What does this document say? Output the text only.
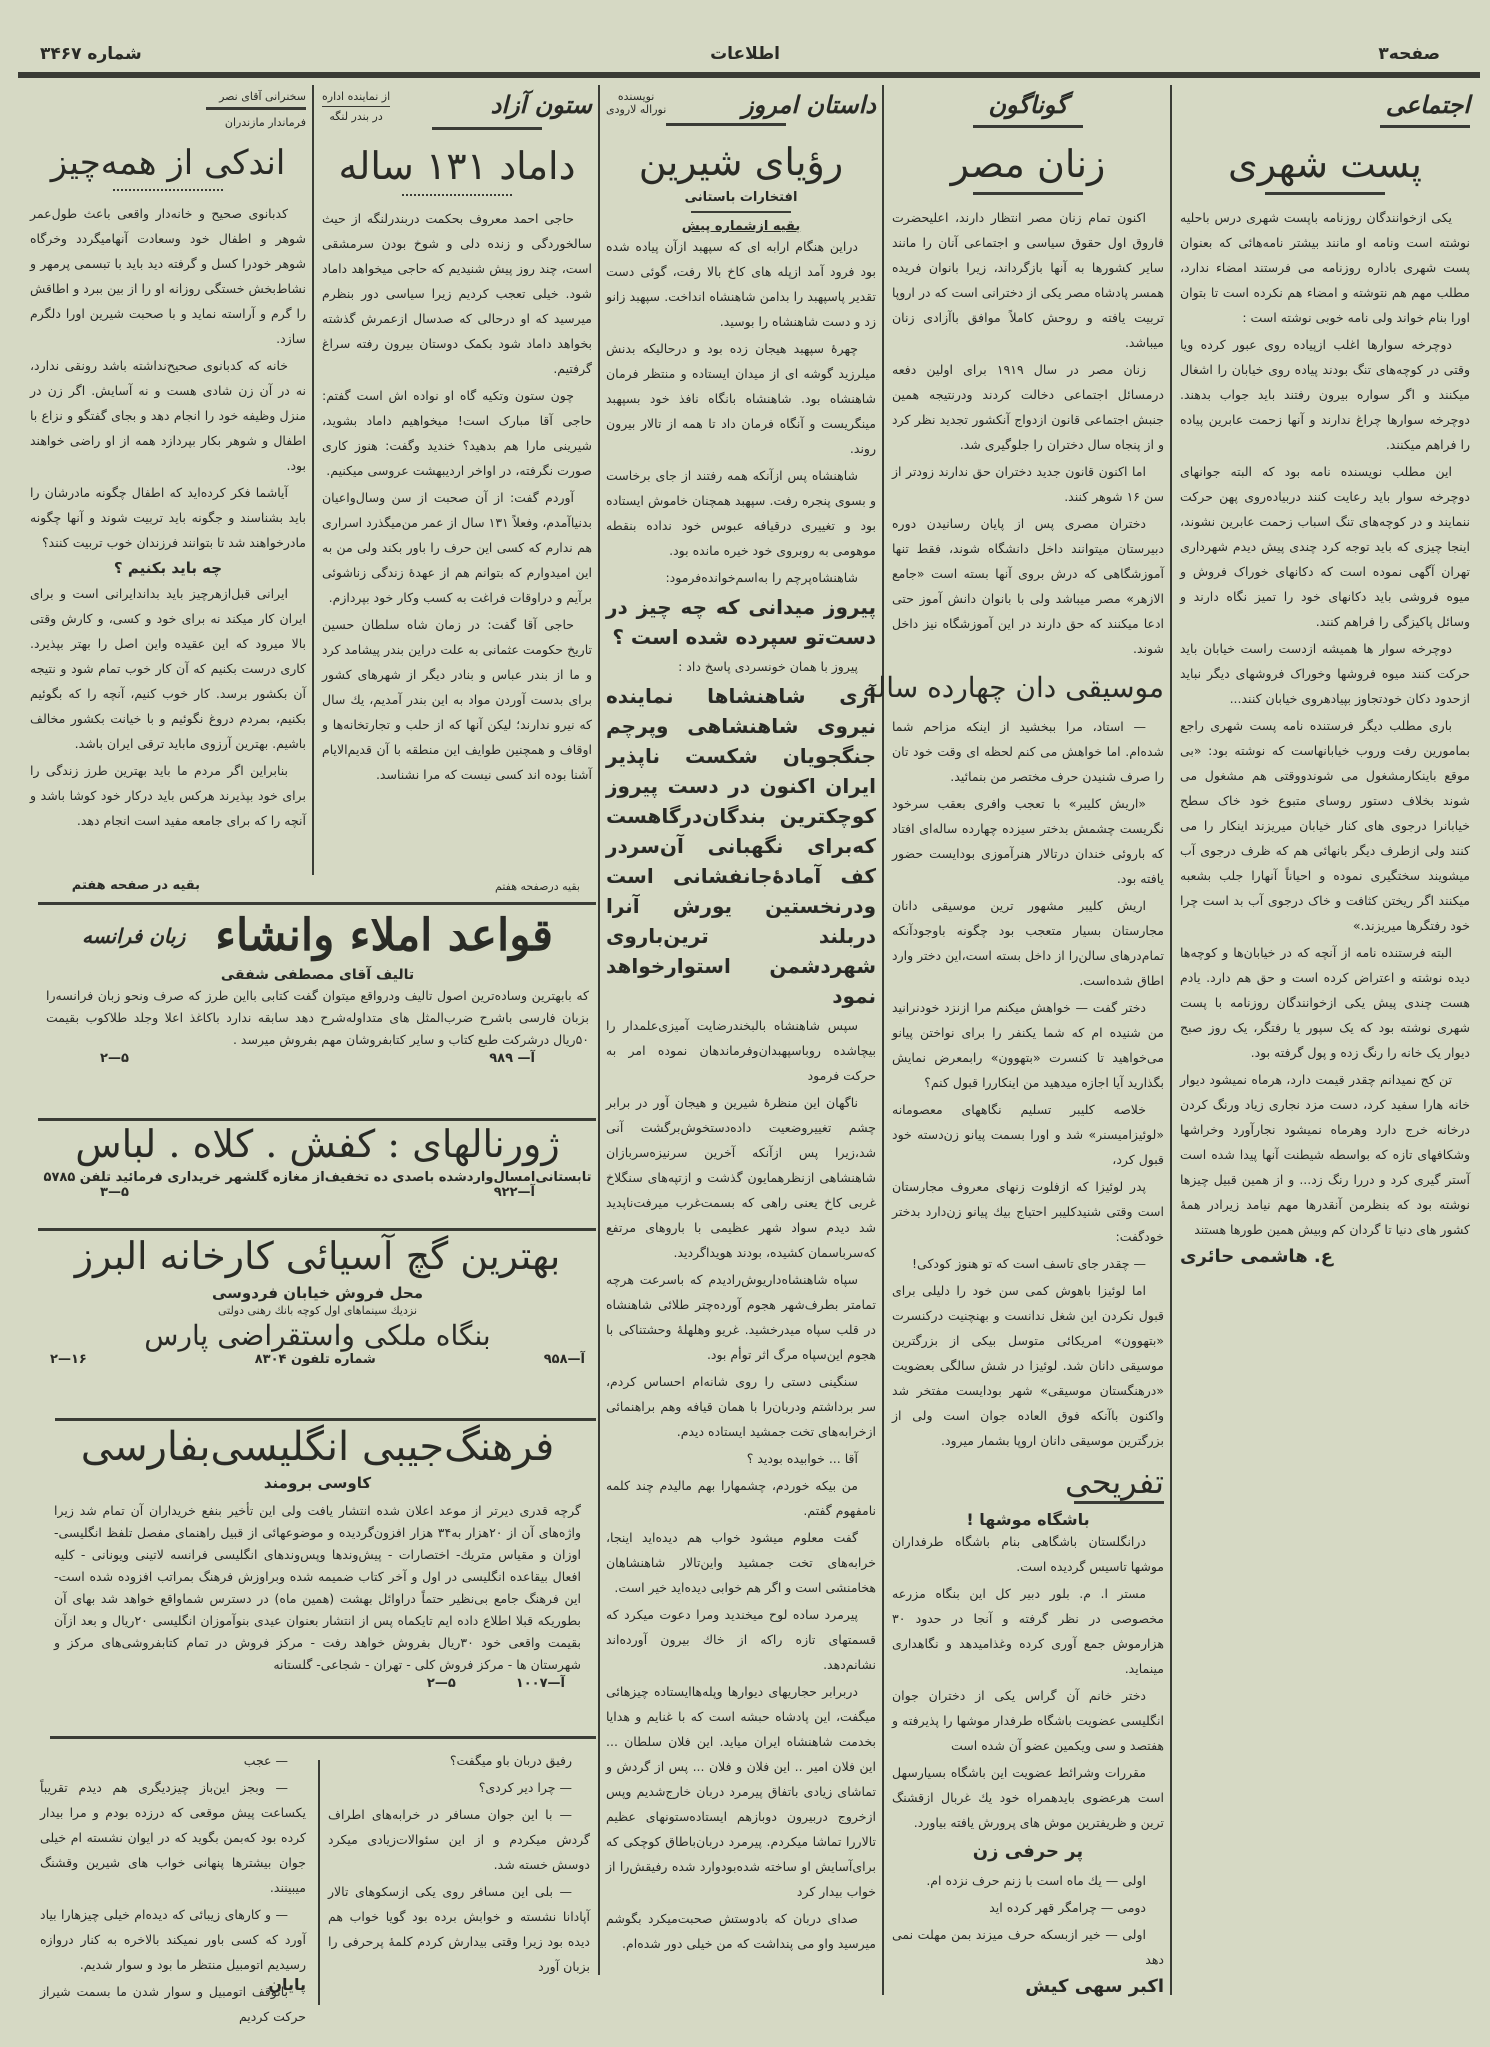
صفحه۳
اطلاعات
شماره ۳۴۶۷
اجتماعی
پست شهری

یکی ازخوانندگان روزنامه باپست شهری درس باحلیه نوشته است ونامه او مانند بیشتر نامه‌هائی که بعنوان پست شهری باداره روزنامه می فرستند امضاء ندارد، مطلب مهم هم نتوشته و امضاء هم نکرده است تا بتوان اورا بنام خواند ولی نامه خوبی نوشته است :

دوچرخه سوارها اغلب ازپیاده روی عبور کرده ویا وقتی در کوچه‌های تنگ بودند پیاده روی خیابان را اشغال میکنند و اگر سواره بیرون رفتند باید جواب بدهند. دوچرخه سوارها چراغ ندارند و آنها زحمت عابرین پیاده را فراهم میکنند.

این مطلب نویسنده نامه بود که البته جوانهای دوچرخه سوار باید رعایت کنند دربیاده‌روی پهن حرکت ننمایند و در کوچه‌های تنگ اسباب زحمت عابرین نشوند، اینجا چیزی که باید توجه کرد چندی پیش دیدم شهرداری تهران آگهی نموده است که دکانهای خوراک فروش و میوه فروشی باید دکانهای خود را تمیز نگاه دارند و وسائل پاکیزگی را فراهم کنند.

دوچرخه سوار ها همیشه ازدست راست خیابان باید حرکت کنند میوه فروشها وخوراک فروشهای دیگر نباید ازحدود دکان خودتجاوز بپیادهروی خیابان کنند...

باری مطلب دیگر فرستنده نامه پست شهری راجع بمامورین رفت وروب خیابانهاست که نوشته بود: «بی موقع باینکارمشغول می شوندووقتی هم مشغول می شوند بخلاف دستور روسای متبوع خود خاک سطح خیابانرا درجوی های کنار خیابان میریزند اینکار را می کنند ولی ازطرف دیگر بانهائی هم که ظرف درجوی آب میشویند سختگیری نموده و احیاناً آنهارا جلب بشعبه میکنند اگر ریختن کثافت و خاک درجوی آب بد است چرا خود رفتگرها میریزند.»

البته فرستنده نامه از آنچه که در خیابان‌ها و کوچه‌ها دیده نوشته و اعتراض کرده است و حق هم دارد. یادم هست چندی پیش یکی ازخوانندگان روزنامه با پست شهری نوشته بود که یک سپور یا رفتگر، یک روز صبح دیوار یک خانه را رنگ زده و پول گرفته بود.

تن کج نمیدانم چقدر قیمت دارد، هرماه نمیشود دیوار خانه هارا سفید کرد، دست مزد نجاری زیاد ورنگ کردن درخانه خرج دارد وهرماه نمیشود نجارآورد وخراشها وشکافهای تازه که بواسطه شیطنت آنها پیدا شده است آستر گیری کرد و دررا رنگ زد... و از همین قبیل چیزها نوشته بود که بنظرمن آنقدرها مهم نیامد زیرادر همهٔ کشور های دنیا تا گردان کم وبیش همین طورها هستند

ع. هاشمی حائری
گوناگون
زنان مصر

اکنون تمام زنان مصر انتظار دارند، اعلیحضرت فاروق اول حقوق سیاسی و اجتماعی آنان را مانند سایر کشورها به آنها بازگرداند، زیرا بانوان فریده همسر پادشاه مصر یکی از دخترانی است که در اروپا تربیت یافته و روحش کاملاً موافق باآزادی زنان میباشد.

زنان مصر در سال ۱۹۱۹ برای اولین دفعه درمسائل اجتماعی دخالت کردند ودرنتیجه همین جنبش اجتماعی قانون ازدواج آنکشور تجدید نظر کرد و از پنجاه سال دختران را جلوگیری شد.

اما اکنون قانون جدید دختران حق ندارند زودتر از سن ۱۶ شوهر کنند.

دختران مصری پس از پایان رسانیدن دوره دبیرستان میتوانند داخل دانشگاه شوند، فقط تنها آموزشگاهی که درش بروی آنها بسته است «جامع الازهر» مصر میباشد ولی با بانوان دانش آموز حتی ادعا میکنند که حق دارند در این آموزشگاه نیز داخل شوند.

موسیقی دان چهارده ساله

— استاد، مرا ببخشید از اینکه مزاحم شما شده‌ام. اما خواهش می کنم لحظه ای وقت خود تان را صرف شنیدن حرف مختصر من بنمائید.

«اریش کلیبر» با تعجب وافری بعقب سرخود نگریست چشمش بدختر سیزده چهارده ساله‌ای افتاد که باروئی خندان درتالار هنرآموزی بودایست حضور یافته بود.

اریش کلیبر مشهور ترین موسیقی دانان مجارستان بسیار متعجب بود چگونه باوجودآنکه تمام‌درهای سالن‌را از داخل بسته است،این دختر وارد اطاق شده‌است.

دختر گفت — خواهش میکنم مرا ازنزد خودنرانید من شنیده ام که شما یکنفر را برای نواختن پیانو می‌خواهید تا کنسرت «بتهوون» رابمعرض نمایش بگذارید آیا اجازه میدهید من اینکاررا قبول کنم؟

خلاصه کلیبر تسلیم نگاههای معصومانه «لوئیزامیسنر» شد و اورا بسمت پیانو زن‌دسته خود قبول کرد،

پدر لوئیزا که ازفلوت زنهای معروف مجارستان است وقتی شنیدکلیبر احتیاج بیك پیانو زن‌دارد بدختر خودگفت:

— چقدر جای تاسف است که تو هنوز کودکی!

اما لوئیزا باهوش کمی سن خود را دلیلی برای قبول نکردن این شغل ندانست و بهنچنیت درکنسرت «بتهوون» امریکائی متوسل بیکی از بزرگترین موسیقی دانان شد. لوئیزا در شش سالگی بعضویت «درهنگستان موسیقی» شهر بودایست مفتخر شد واکنون باآنکه فوق العاده جوان است ولی از بزرگترین موسیقی دانان اروپا بشمار میرود.

تفریحی
باشگاه موشها !

درانگلستان باشگاهی بنام باشگاه طرفداران موشها تاسیس گردیده است.

مستر ا. م. بلور دبیر کل این بنگاه مزرعه مخصوصی در نظر گرفته و آنجا در حدود ۳۰ هزارموش جمع آوری کرده وغذامیدهد و نگاهداری مینماید.

دختر خانم آن گراس یکی از دختران جوان انگلیسی عضویت باشگاه طرفدار موشها را پذیرفته و هفتصد و سی ویکمین عضو آن شده است

مقررات وشرائط عضویت این باشگاه بسیارسهل است هرعضوی بایدهمراه خود یك غربال ازقشنگ ترین و ظریفترین موش های پرورش یافته بیاورد.

پر حرفی زن

اولی — یك ماه است با زنم حرف نزده ام.

دومی — چرامگر قهر کرده اید

اولی — خیر ازبسکه حرف میزند بمن مهلت نمی دهد

اکبر سهی کیش
داستان امروز
نویسنده
نوراله لارودی
رؤیای شیرین
افتخارات باستانی
بقیه ازشماره پیش

دراین هنگام ارابه ای که سپهبد ازآن پیاده شده بود فرود آمد ازپله های کاخ بالا رفت، گوئی دست تقدیر پاسپهبد را بدامن شاهنشاه انداخت. سپهبد زانو زد و دست شاهنشاه را بوسید.

چهرهٔ سپهبد هیجان زده بود و درحالیکه بدنش میلرزید گوشه ای از میدان ایستاده و منتظر فرمان شاهنشاه بود. شاهنشاه بانگاه نافذ خود بسپهبد مینگریست و آنگاه فرمان داد تا همه از تالار بیرون روند.

شاهنشاه پس ازآنکه همه رفتند از جای برخاست و بسوی پنجره رفت. سپهبد همچنان خاموش ایستاده بود و تغییری درقیافه عبوس خود نداده بنقطه موهومی به روبروی خود خیره مانده بود.

شاهنشاه‌پرچم را به‌اسم‌خوانده‌فرمود:

پیروز میدانی که چه چیز در دست‌تو سپرده شده است ؟

پیروز با همان خونسردی پاسخ داد :

آری شاهنشاها نماینده نیروی شاهنشاهی وپرچم جنگجویان شکست ناپذیر ایران اکنون در دست پیروز کوچکترین بندگان‌درگاهست که‌برای نگهبانی آن‌سردر کف آمادهٔ‌جانفشانی است ودرنخستین یورش آنرا دربلند ترین‌باروی شهردشمن استوارخواهد نمود

سپس شاهنشاه بالبخندرضایت آمیزی‌علمدار را بیچاشده روباسپهبدان‌وفرماندهان نموده امر به حرکت فرمود

ناگهان این منظرهٔ شیرین و هیجان آور در برابر چشم تغییروضعیت داده‌دستخوش‌برگشت آنی شد،زیرا پس ازآنکه آخرین سرنیزه‌سربازان شاهنشاهی ازنظرهمایون گذشت و ازتپه‌های سنگلاخ غربی کاخ یعنی راهی که بسمت‌غرب میرفت‌ناپدید شد دیدم سواد شهر عظیمی با باروهای مرتفع که‌سرباسمان کشیده، بودند هویداگردید.

سپاه شاهنشاه‌داریوش‌رادیدم که باسرعت هرچه تمامتر بطرف‌شهر هجوم آورده‌چتر طلائی شاهنشاه در قلب سپاه میدرخشید. غریو وهلهلهٔ وحشتناکی با هجوم این‌سپاه مرگ اثر توأم بود.

سنگینی دستی را روی شانه‌ام احساس کردم، سر برداشتم ودربان‌را با همان قیافه وهم براهنمائی ازخرابه‌های تخت جمشید ایستاده دیدم.

آقا ... خوابیده بودید ؟

من بیکه خوردم، چشمهارا بهم مالیدم چند کلمه نامفهوم گفتم.

گفت معلوم میشود خواب هم دیده‌اید اینجا، خرابه‌های تخت جمشید واین‌تالار شاهنشاهان هخامنشی است و اگر هم خوابی دیده‌اید خیر است.

پیرمرد ساده لوح میخندید ومرا دعوت میکرد که قسمتهای تازه راکه از خاك بیرون آورده‌اند نشانم‌دهد.

دربرابر حجاریهای دیوارها وپله‌هاایستاده چیزهائی میگفت، این پادشاه حبشه است که با غنایم و هدایا بخدمت شاهنشاه ایران میاید. این فلان سلطان ... این فلان امیر .. این فلان و فلان ... پس از گردش و تماشای زیادی باتفاق پیرمرد دربان خارج‌شدیم وپس ازخروج دربیرون دوبازهم ایستاده‌ستونهای عظیم تالاررا تماشا میکردم. پیرمرد دربان‌باطاق کوچکی که برای‌آسایش او ساخته شده‌بودوارد شده رفیقش‌را از خواب بیدار کرد

صدای دربان که بادوستش صحبت‌میکرد بگوشم میرسید واو می پنداشت که من خیلی دور شده‌ام.

ستون آزاد
از نماینده اداره
در بندر لنگه
داماد ۱۳۱ ساله

حاجی احمد معروف بحکمت دربندرلنگه از حیث سالخوردگی و زنده دلی و شوخ بودن سرمشقی است، چند روز پیش شنیدیم که حاجی میخواهد داماد شود. خیلی تعجب کردیم زیرا سیاسی دور بنظرم میرسید که او درحالی که صدسال ازعمرش گذشته بخواهد داماد شود بکمک دوستان بیرون رفته سراغ گرفتیم.

چون ستون وتکیه گاه او نواده اش است گفتم: حاجی آقا مبارک است! میخواهیم داماد بشوید، شیرینی مارا هم بدهید؟ خندید وگفت: هنوز کاری صورت نگرفته، در اواخر اردیبهشت عروسی میکنیم.

آوردم گفت: از آن صحبت از سن وسال‌واعیان بدنیاآمدم، وفعلاً ۱۳۱ سال از عمر من‌میگذرد اسراری هم ندارم که کسی این حرف را باور بکند ولی من به این امیدوارم که بتوانم هم از عهدهٔ زندگی زناشوئی برآیم و دراوقات فراغت به کسب وکار خود بپردازم.

حاجی آقا گفت: در زمان شاه سلطان حسین تاریخ حکومت عثمانی به علت دراین بندر پیشامد کرد و ما از بندر عباس و بنادر دیگر از شهرهای کشور برای بدست آوردن مواد به این بندر آمدیم، یك سال که نیرو ندارند؛ لیكن آنها که از حلب و تجارتخانه‌ها و اوقاف و همچنین طوایف این منطقه با آن قدیم‌الایام آشنا بوده اند کسی نیست که مرا نشناسد.

بقیه درصفحه هفتم
سخنرانی آقای نصر
فرماندار مازندران
اندکی از همه‌چیز

کدبانوی صحیح و خانه‌دار واقعی باعث طول‌عمر شوهر و اطفال خود وسعادت آنهامیگردد وخرگاه شوهر خودرا کسل و گرفته دید باید با تبسمی پرمهر و نشاط‌بخش خستگی روزانه او را از بین ببرد و اطاقش را گرم و آراسته نماید و با صحبت شیرین اورا دلگرم سازد.

خانه که کدبانوی صحیح‌نداشته باشد رونقی ندارد، نه در آن زن شادی هست و نه آسایش. اگر زن در منزل وظیفه خود را انجام دهد و بجای گفتگو و نزاع با اطفال و شوهر بکار بپردازد همه از او راضی خواهند بود.

آیاشما فکر کرده‌اید که اطفال چگونه مادرشان را باید بشناسند و جگونه باید تربیت شوند و آنها چگونه مادرخواهند شد تا بتوانند فرزندان خوب تربیت کنند؟

چه باید بکنیم ؟

ایرانی قبل‌ازهرچیز باید بداند‌ایرانی است و برای ایران کار میکند نه برای خود و کسی، و کارش وقتی بالا میرود که این عقیده واین اصل را بهتر بپذیرد. کاری درست بکنیم که آن کار خوب تمام شود و نتیجه آن بکشور برسد. کار خوب کنیم، آنچه را که بگوئیم بکنیم، بمردم دروغ نگوئیم و با خیانت بکشور مخالف باشیم. بهترین آرزوی ماباید ترقی ایران باشد.

بنابراین اگر مردم ما باید بهترین طرز زندگی را برای خود بپذیرند هرکس باید درکار خود کوشا باشد و آنچه را که برای جامعه مفید است انجام دهد.

بقیه در صفحه هفتم
قواعد املاء وانشاء
زبان فرانسه
تالیف آقای مصطفی شفقی
که بابهترین وساده‌ترین اصول تالیف ودرواقع میتوان گفت کتابی بااین طرز که صرف ونحو زبان فرانسه‌را بزبان فارسی باشرح ضرب‌المثل های متداوله‌شرح دهد سابقه ندارد باکاغذ اعلا وجلد طلاکوب بقیمت ۵۰ریال درشرکت طبع کتاب و سایر کتابفروشان مهم بفروش میرسد .
آ— ۹۸۹
۵—۲
ژورنالهای : کفش . کلاه . لباس
تابستانی‌امسال‌واردشده باصدی ده تخفیف‌از مغازه گلشهر خریداری فرمائید تلفن ۵۷۸۵
آ—۹۲۲
۵—۳
بهترین گچ آسیائی کارخانه البرز
محل فروش خیابان فردوسی
نزدیك سینماهای اول کوچه بانك رهنی دولتی
بنگاه ملکی واستقراضی پارس
آ—۹۵۸
شماره تلفون ۸۳۰۴
۱۶—۲
فرهنگ‌جیبی انگلیسی‌بفارسی
کاوسی برومند
گرچه قدری دیرتر از موعد اعلان شده انتشار یافت ولی این تأخیر بنفع خریداران آن تمام شد زیرا واژه‌های آن از ۲۰هزار به۳۴ هزار افزون‌گردیده و موضوعهائی از قبیل راهنمای مفصل تلفظ انگلیسی- اوزان و مقیاس متریك- اختصارات - پیش‌وندها وپس‌وندهای انگلیسی فرانسه لاتینی ویونانی - کلیه افعال بیقاعده انگلیسی در اول و آخر کتاب ضمیمه شده وبراوزش فرهنگ بمراتب افزوده شده است- این فرهنگ جامع بی‌نظیر حتماً دراوائل بهشت (همین ماه) در دسترس شماواقع خواهد شد بهای آن بطوریکه قبلا اطلاع داده ایم تایکماه پس از انتشار بعنوان عیدی بنوآموزان انگلیسی ۲۰ریال و بعد ازآن بقیمت واقعی خود ۳۰ریال بفروش خواهد رفت - مرکز فروش در تمام کتابفروشی‌های مرکز و شهرستان ها - مرکز فروش کلی - تهران - شجاعی- گلستانه
آ—۱۰۰۷
۵—۲

رفیق دربان باو میگفت؟

— چرا دیر کردی؟

— با این جوان مسافر در خرابه‌های اطراف گردش میکردم و از این سئوالات‌زیادی میکرد دوسش خسته شد.

— بلی این مسافر روی یکی ازسکوهای تالار آپادانا نشسته و خوابش برده بود گویا خواب هم دیده بود زیرا وقتی بیدارش کردم کلمهٔ پرحرفی را بزبان آورد

— عجب

— وبجز این‌باز چیزدیگری هم دیدم تقریباً یکساعت پیش موقعی که درزده بودم و مرا بیدار کرده بود که‌بمن بگوید که در ایوان نشسته ام خیلی جوان بیشترها پنهانی خواب های شیرین وقشنگ میبینند.

— و کارهای زیبائی که دیده‌ام خیلی چیزهارا بیاد آورد که کسی باور نمیکند بالاخره به کنار دروازه رسیدیم اتومبیل منتظر ما بود و سوار شدیم.

باتوقف اتومبیل و سوار شدن ما بسمت شیراز حرکت کردیم

پایان
